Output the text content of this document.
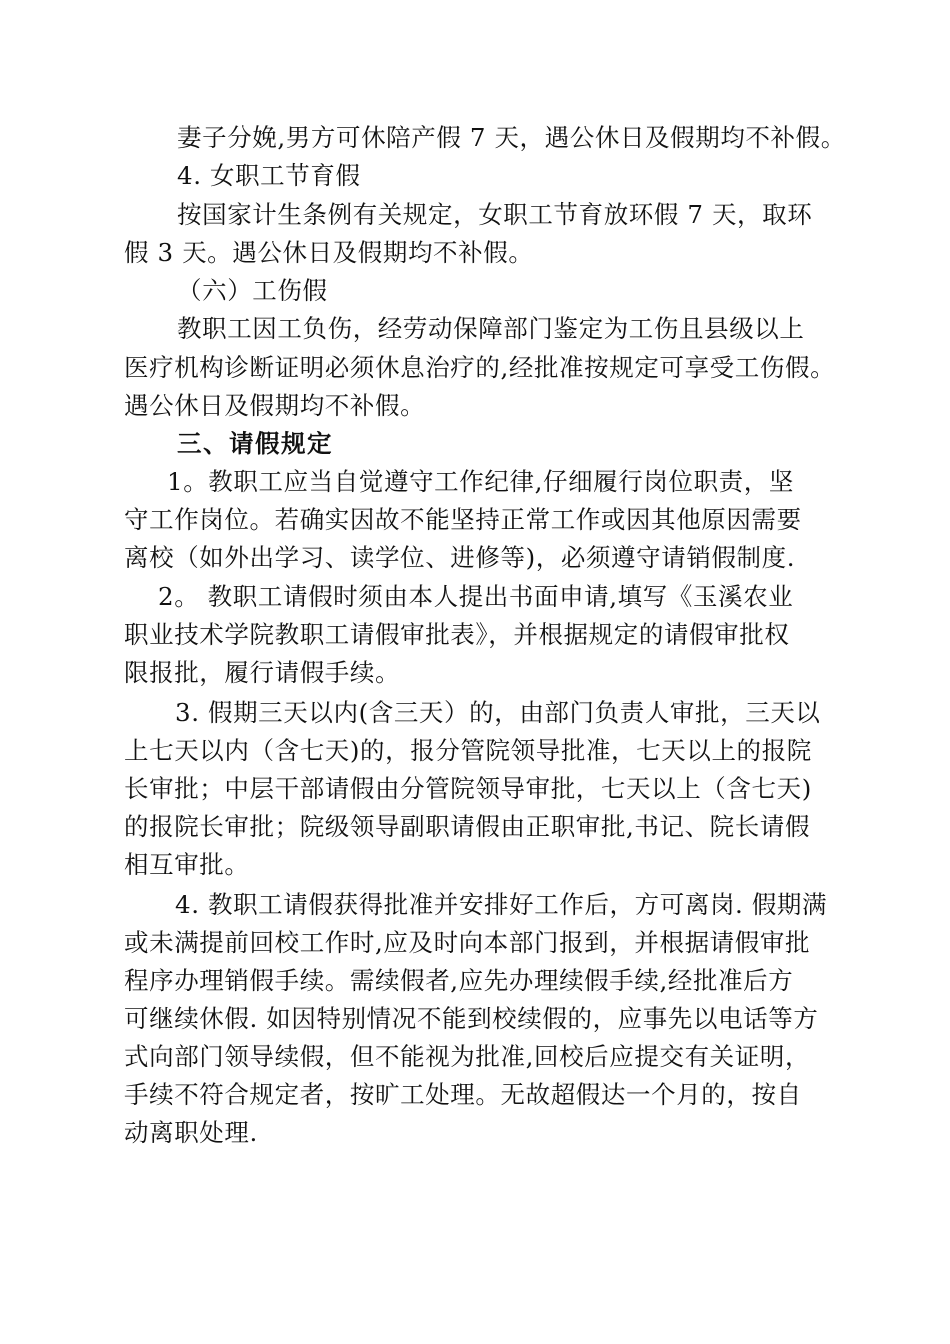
妻子分娩,男方可休陪产假 7 天，遇公休日及假期均不补假。
4. 女职工节育假
按国家计生条例有关规定，女职工节育放环假 7 天，取环
假 3 天。遇公休日及假期均不补假。
（六）工伤假
教职工因工负伤，经劳动保障部门鉴定为工伤且县级以上
医疗机构诊断证明必须休息治疗的,经批准按规定可享受工伤假。
遇公休日及假期均不补假。
三、请假规定
1。教职工应当自觉遵守工作纪律,仔细履行岗位职责，坚
守工作岗位。若确实因故不能坚持正常工作或因其他原因需要
离校（如外出学习、读学位、进修等)，必须遵守请销假制度.
2。 教职工请假时须由本人提出书面申请,填写《玉溪农业
职业技术学院教职工请假审批表》，并根据规定的请假审批权
限报批，履行请假手续。
3. 假期三天以内(含三天）的，由部门负责人审批，三天以
上七天以内（含七天)的，报分管院领导批准，七天以上的报院
长审批；中层干部请假由分管院领导审批，七天以上（含七天)
的报院长审批；院级领导副职请假由正职审批,书记、院长请假
相互审批。
4. 教职工请假获得批准并安排好工作后，方可离岗. 假期满
或未满提前回校工作时,应及时向本部门报到，并根据请假审批
程序办理销假手续。需续假者,应先办理续假手续,经批准后方
可继续休假. 如因特别情况不能到校续假的，应事先以电话等方
式向部门领导续假，但不能视为批准,回校后应提交有关证明，
手续不符合规定者，按旷工处理。无故超假达一个月的，按自
动离职处理.
